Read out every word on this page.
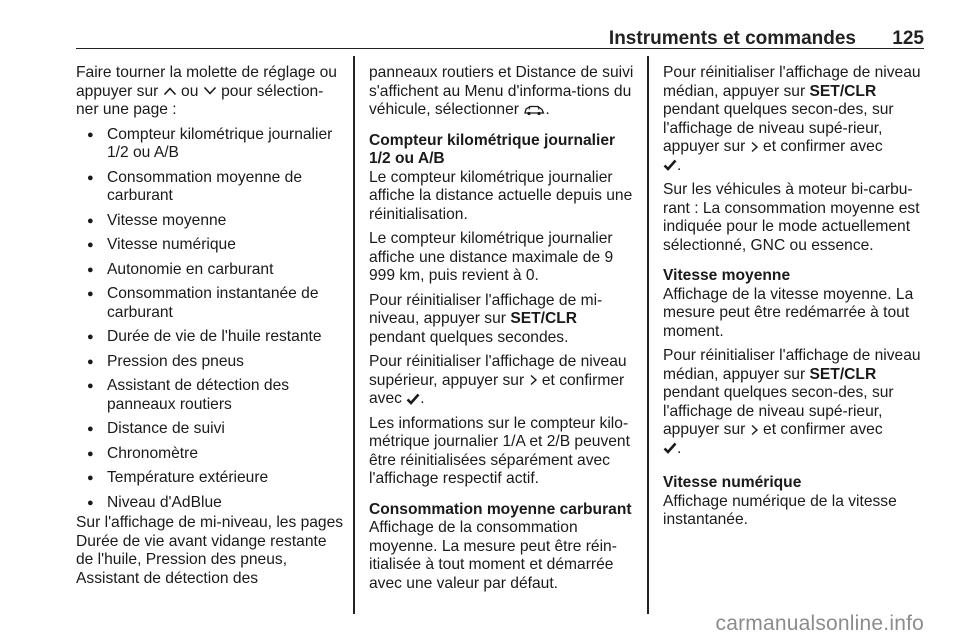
Instruments et commandes 125

Faire tourner la molette de réglage ou appuyer sur ou pour sélection-ner une page :

● Compteur kilométrique journalier 1/2 ou A/B
● Consommation moyenne de carburant
● Vitesse moyenne
● Vitesse numérique
● Autonomie en carburant
● Consommation instantanée de carburant
● Durée de vie de l'huile restante
● Pression des pneus
● Assistant de détection des panneaux routiers
● Distance de suivi
● Chronomètre
● Température extérieure
● Niveau d'AdBlue

Sur l'affichage de mi-niveau, les pages Durée de vie avant vidange restante de l'huile, Pression des pneus, Assistant de détection des

panneaux routiers et Distance de suivi s'affichent au Menu d'informa-tions du véhicule, sélectionner .

Compteur kilométrique journalier 1/2 ou A/B

Le compteur kilométrique journalier affiche la distance actuelle depuis une réinitialisation.

Le compteur kilométrique journalier affiche une distance maximale de 9 999 km, puis revient à 0.

Pour réinitialiser l'affichage de mi-niveau, appuyer sur SET/CLR pendant quelques secondes.

Pour réinitialiser l'affichage de niveau supérieur, appuyer sur et confirmer avec .

Les informations sur le compteur kilo-métrique journalier 1/A et 2/B peuvent être réinitialisées séparément avec l'affichage respectif actif.

Consommation moyenne carburant

Affichage de la consommation moyenne. La mesure peut être réin-itialisée à tout moment et démarrée avec une valeur par défaut.

Pour réinitialiser l'affichage de niveau médian, appuyer sur SET/CLR pendant quelques secon-des, sur l'affichage de niveau supé-rieur, appuyer sur et confirmer avec
.

Sur les véhicules à moteur bi-carbu-rant : La consommation moyenne est indiquée pour le mode actuellement sélectionné, GNC ou essence.

Vitesse moyenne

Affichage de la vitesse moyenne. La mesure peut être redémarrée à tout moment.

Pour réinitialiser l'affichage de niveau médian, appuyer sur SET/CLR pendant quelques secon-des, sur l'affichage de niveau supé-rieur, appuyer sur et confirmer avec
.

Vitesse numérique

Affichage numérique de la vitesse instantanée.

carmanualsonline.info
